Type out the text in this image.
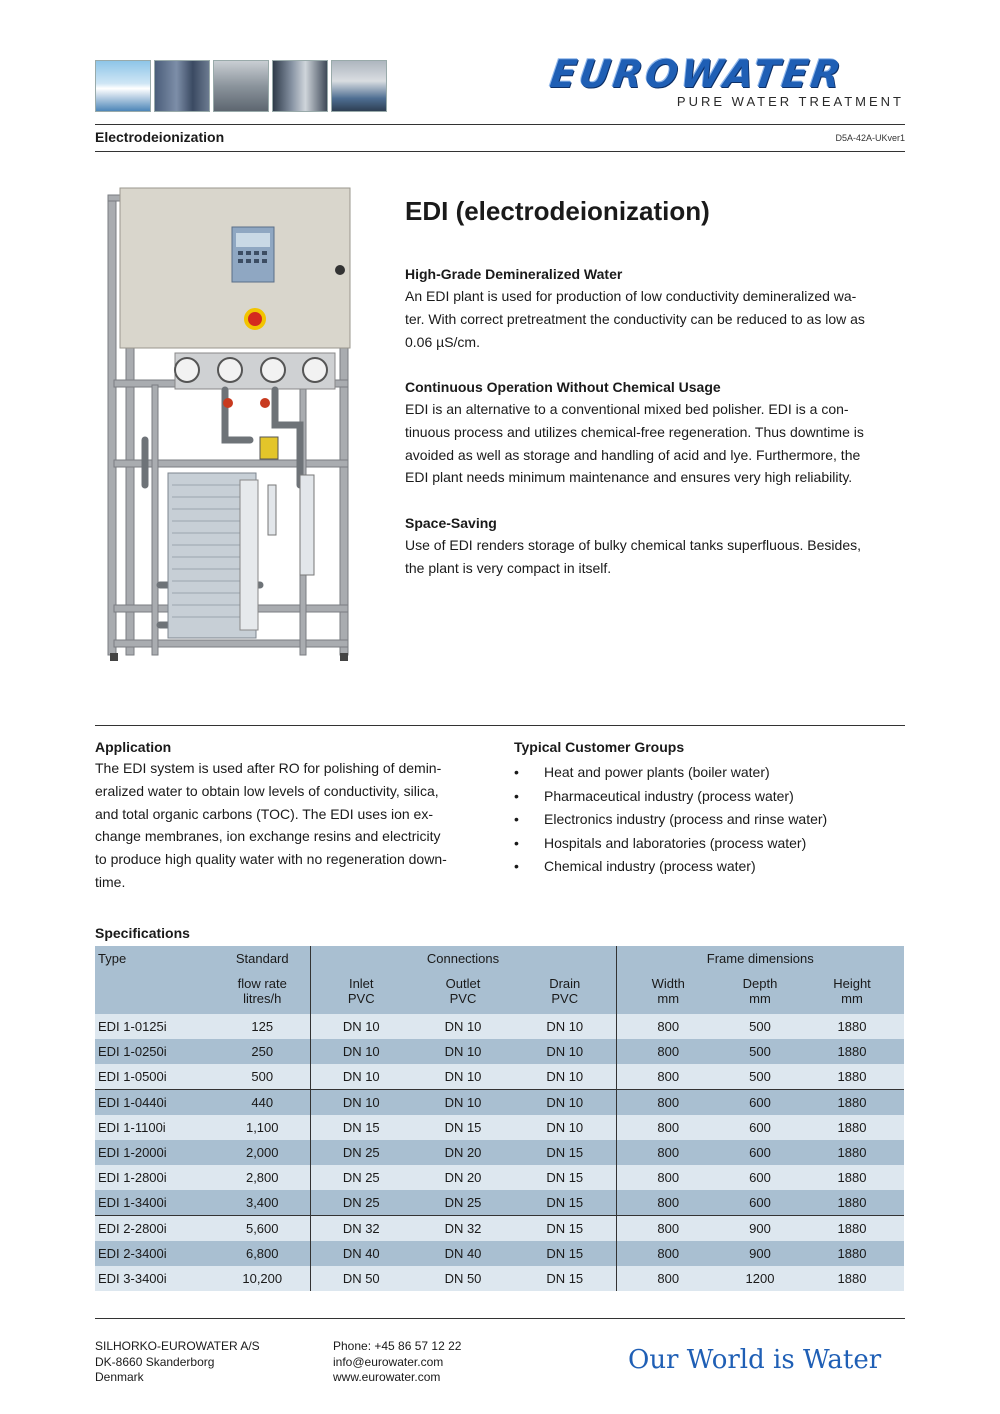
EUROWATER
PURE WATER TREATMENT
Electrodeionization	D5A-42A-UKver1
EDI (electrodeionization)
High-Grade Demineralized Water

An EDI plant is used for production of low conductivity demineralized wa-

ter. With correct pretreatment the conductivity can be reduced to as low as

0.06 µS/cm.

Continuous Operation Without Chemical Usage

EDI is an alternative to a conventional mixed bed polisher. EDI is a con-

tinuous process and utilizes chemical-free regeneration. Thus downtime is

avoided as well as storage and handling of acid and lye. Furthermore, the

EDI plant needs minimum maintenance and ensures very high reliability.

Space-Saving

Use of EDI renders storage of bulky chemical tanks superfluous. Besides,

the plant is very compact in itself.

Application

The EDI system is used after RO for polishing of demin-

eralized water to obtain low levels of conductivity, silica,

and total organic carbons (TOC). The EDI uses ion ex-

change membranes, ion exchange resins and electricity

to produce high quality water with no regeneration down-

time.

Typical Customer Groups
• Heat and power plants (boiler water)
• Pharmaceutical industry (process water)
• Electronics industry (process and rinse water)
• Hospitals and laboratories (process water)
• Chemical industry (process water)
Specifications
Type	Standard	Connections			Frame dimensions		
	flow rate	Inlet	Outlet	Drain	Width	Depth	Height
	litres/h	PVC	PVC	PVC	mm	mm	mm
EDI 1-0125i	125	DN 10	DN 10	DN 10	800	500	1880
EDI 1-0250i	250	DN 10	DN 10	DN 10	800	500	1880
EDI 1-0500i	500	DN 10	DN 10	DN 10	800	500	1880
EDI 1-0440i	440	DN 10	DN 10	DN 10	800	600	1880
EDI 1-1100i	1,100	DN 15	DN 15	DN 10	800	600	1880
EDI 1-2000i	2,000	DN 25	DN 20	DN 15	800	600	1880
EDI 1-2800i	2,800	DN 25	DN 20	DN 15	800	600	1880
EDI 1-3400i	3,400	DN 25	DN 25	DN 15	800	600	1880
EDI 2-2800i	5,600	DN 32	DN 32	DN 15	800	900	1880
EDI 2-3400i	6,800	DN 40	DN 40	DN 15	800	900	1880
EDI 3-3400i	10,200	DN 50	DN 50	DN 15	800	1200	1880
SILHORKO-EUROWATER A/S
DK-8660 Skanderborg
Denmark
Phone: +45 86 57 12 22
info@eurowater.com
www.eurowater.com
Our World is Water
